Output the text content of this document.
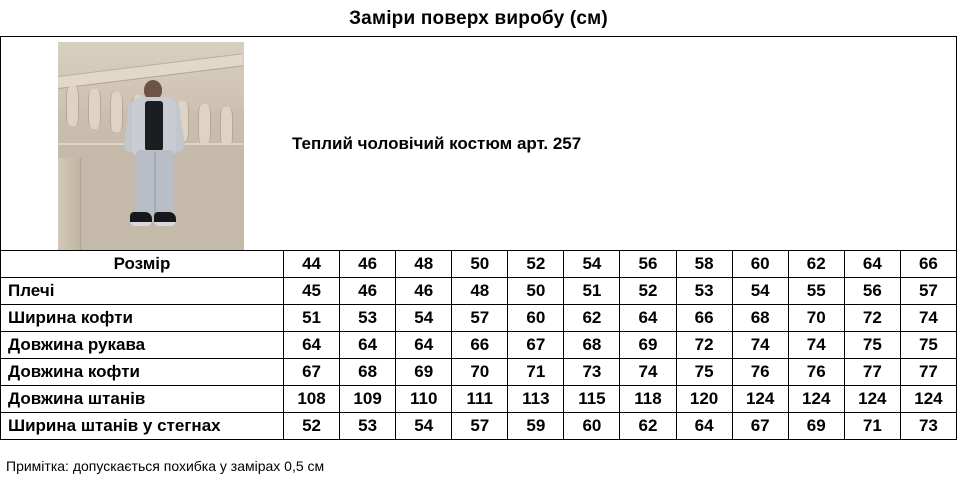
Заміри поверх виробу (см)
	Теплий чоловічий костюм арт. 257											
Розмір	44	46	48	50	52	54	56	58	60	62	64	66
Плечі	45	46	46	48	50	51	52	53	54	55	56	57
Ширина кофти	51	53	54	57	60	62	64	66	68	70	72	74
Довжина рукава	64	64	64	66	67	68	69	72	74	74	75	75
Довжина кофти	67	68	69	70	71	73	74	75	76	76	77	77
Довжина штанів	108	109	110	111	113	115	118	120	124	124	124	124
Ширина штанів у стегнах	52	53	54	57	59	60	62	64	67	69	71	73
Примітка: допускається похибка у замірах 0,5 см
